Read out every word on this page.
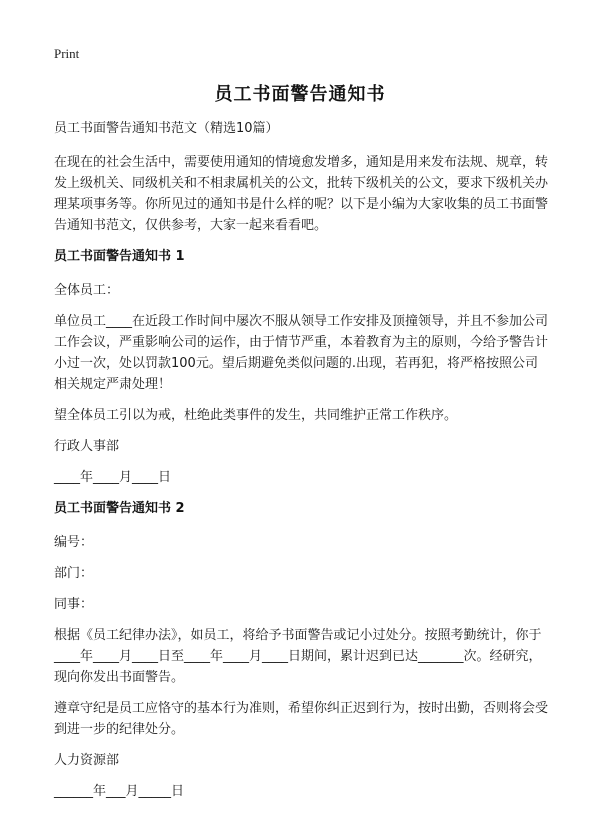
Print
员工书面警告通知书

员工书面警告通知书范文（精选10篇）

在现在的社会生活中，需要使用通知的情境愈发增多，通知是用来发布法规、规章，转发上级机关、同级机关和不相隶属机关的公文，批转下级机关的公文，要求下级机关办理某项事务等。你所见过的通知书是什么样的呢？以下是小编为大家收集的员工书面警告通知书范文，仅供参考，大家一起来看看吧。

员工书面警告通知书 1

全体员工：

单位员工____在近段工作时间中屡次不服从领导工作安排及顶撞领导，并且不参加公司工作会议，严重影响公司的运作，由于情节严重，本着教育为主的原则，今给予警告计小过一次，处以罚款100元。望后期避免类似问题的.出现，若再犯，将严格按照公司相关规定严肃处理！

望全体员工引以为戒，杜绝此类事件的发生，共同维护正常工作秩序。

行政人事部

____年____月____日

员工书面警告通知书 2

编号：

部门：

同事：

根据《员工纪律办法》，如员工，将给予书面警告或记小过处分。按照考勤统计，你于____年____月____日至____年____月____日期间，累计迟到已达_______次。经研究，现向你发出书面警告。

遵章守纪是员工应恪守的基本行为准则，希望你纠正迟到行为，按时出勤，否则将会受到进一步的纪律处分。

人力资源部

______年___月_____日
